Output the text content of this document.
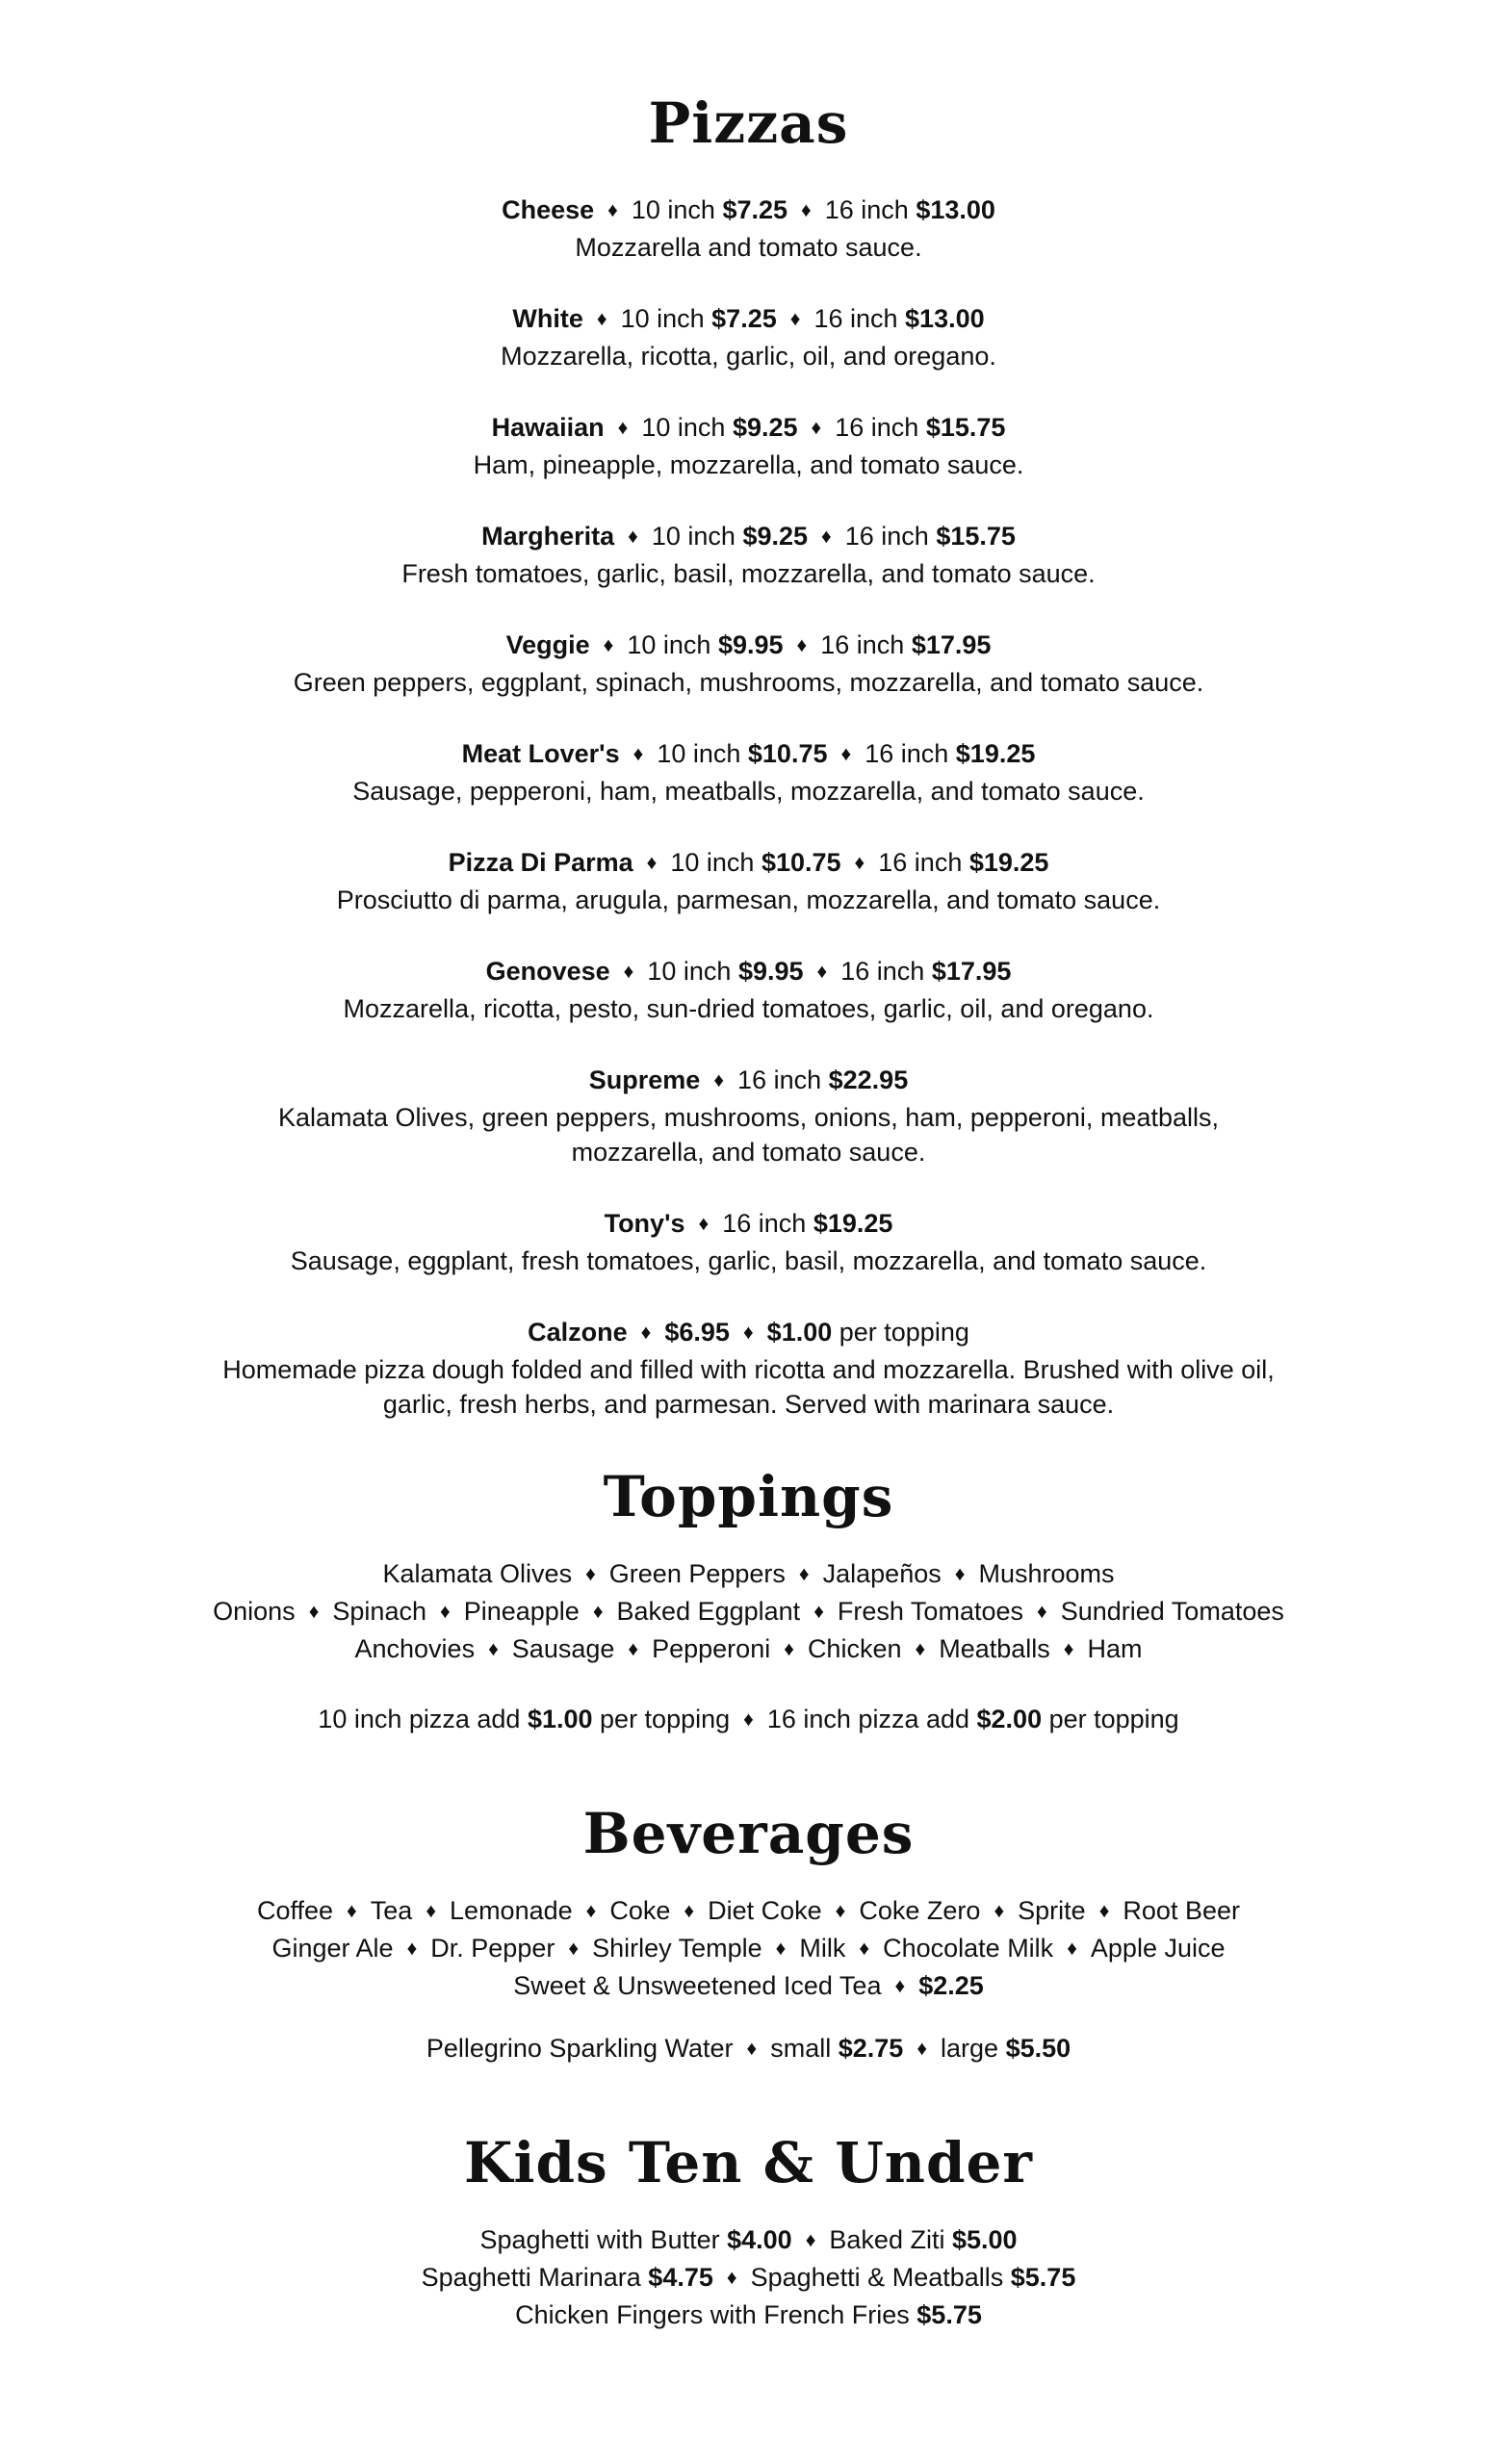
Pizzas

Cheese ♦ 10 inch $7.25 ♦ 16 inch $13.00

Mozzarella and tomato sauce.

White ♦ 10 inch $7.25 ♦ 16 inch $13.00

Mozzarella, ricotta, garlic, oil, and oregano.

Hawaiian ♦ 10 inch $9.25 ♦ 16 inch $15.75

Ham, pineapple, mozzarella, and tomato sauce.

Margherita ♦ 10 inch $9.25 ♦ 16 inch $15.75

Fresh tomatoes, garlic, basil, mozzarella, and tomato sauce.

Veggie ♦ 10 inch $9.95 ♦ 16 inch $17.95

Green peppers, eggplant, spinach, mushrooms, mozzarella, and tomato sauce.

Meat Lover's ♦ 10 inch $10.75 ♦ 16 inch $19.25

Sausage, pepperoni, ham, meatballs, mozzarella, and tomato sauce.

Pizza Di Parma ♦ 10 inch $10.75 ♦ 16 inch $19.25

Prosciutto di parma, arugula, parmesan, mozzarella, and tomato sauce.

Genovese ♦ 10 inch $9.95 ♦ 16 inch $17.95

Mozzarella, ricotta, pesto, sun-dried tomatoes, garlic, oil, and oregano.

Supreme ♦ 16 inch $22.95

Kalamata Olives, green peppers, mushrooms, onions, ham, pepperoni, meatballs,

mozzarella, and tomato sauce.

Tony's ♦ 16 inch $19.25

Sausage, eggplant, fresh tomatoes, garlic, basil, mozzarella, and tomato sauce.

Calzone ♦ $6.95 ♦ $1.00 per topping

Homemade pizza dough folded and filled with ricotta and mozzarella. Brushed with olive oil,

garlic, fresh herbs, and parmesan. Served with marinara sauce.

Toppings

Kalamata Olives ♦ Green Peppers ♦ Jalapeños ♦ Mushrooms

Onions ♦ Spinach ♦ Pineapple ♦ Baked Eggplant ♦ Fresh Tomatoes ♦ Sundried Tomatoes

Anchovies ♦ Sausage ♦ Pepperoni ♦ Chicken ♦ Meatballs ♦ Ham

10 inch pizza add $1.00 per topping ♦ 16 inch pizza add $2.00 per topping

Beverages

Coffee ♦ Tea ♦ Lemonade ♦ Coke ♦ Diet Coke ♦ Coke Zero ♦ Sprite ♦ Root Beer

Ginger Ale ♦ Dr. Pepper ♦ Shirley Temple ♦ Milk ♦ Chocolate Milk ♦ Apple Juice

Sweet & Unsweetened Iced Tea ♦ $2.25

Pellegrino Sparkling Water ♦ small $2.75 ♦ large $5.50

Kids Ten & Under

Spaghetti with Butter $4.00 ♦ Baked Ziti $5.00

Spaghetti Marinara $4.75 ♦ Spaghetti & Meatballs $5.75

Chicken Fingers with French Fries $5.75
